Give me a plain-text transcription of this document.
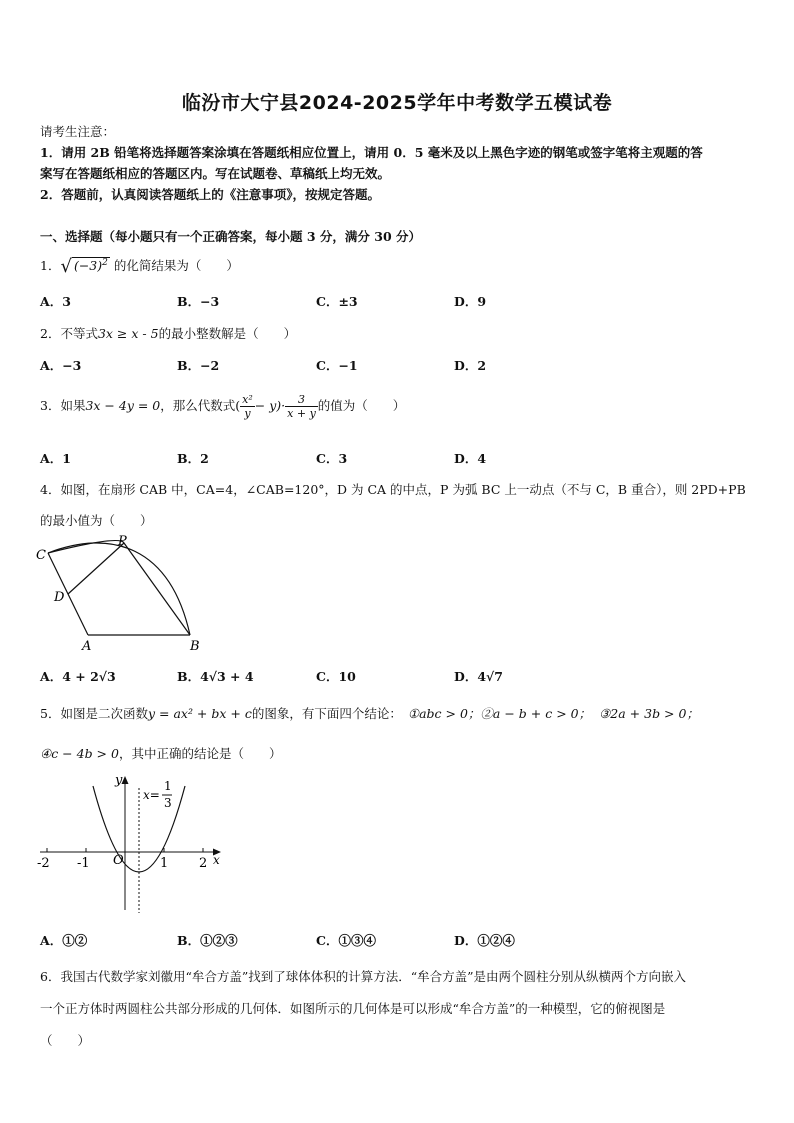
临汾市大宁县2024-2025学年中考数学五模试卷
请考生注意：
1．请用 2B 铅笔将选择题答案涂填在答题纸相应位置上，请用 0．5 毫米及以上黑色字迹的钢笔或签字笔将主观题的答
案写在答题纸相应的答题区内。写在试题卷、草稿纸上均无效。
2．答题前，认真阅读答题纸上的《注意事项》，按规定答题。
一、选择题（每小题只有一个正确答案，每小题 3 分，满分 30 分）
1．√ $(-3)^2$ 的化简结果为（　　）
A．3	B．−3	C．±3	D．9
2．不等式3x ≥ x - 5的最小整数解是（　　）
A．−3	B．−2	C．−1	D．2
3．如果3x − 4y = 0，那么代数式( $\frac{\text{x²}}{y} - y)\cdot \frac{3}{x + y}$ 的值为（　　）
A．1	B．2	C．3	D．4
4．如图，在扇形 CAB 中，CA=4，∠CAB=120°，D 为 CA 的中点，P 为弧 BC 上一动点（不与 C，B 重合），则 2PD+PB
的最小值为（　　）
C
P
D
A	B
A．4 + 2√3	B．4√3 + 4	C．10	D．4√7
5．如图是二次函数y = ax² + bx + c的图象，有下面四个结论： ①abc > 0；②a − b + c > 0； ③2a + 3b > 0；
④c − 4b > 0，其中正确的结论是（　　）
-2 -1 O	1 2 x
y
x=
1
3
A．①②	B．①②③	C．①③④	D．①②④
6．我国古代数学家刘徽用“牟合方盖”找到了球体体积的计算方法．“牟合方盖”是由两个圆柱分别从纵横两个方向嵌入
一个正方体时两圆柱公共部分形成的几何体．如图所示的几何体是可以形成“牟合方盖”的一种模型，它的俯视图是
（　　）
